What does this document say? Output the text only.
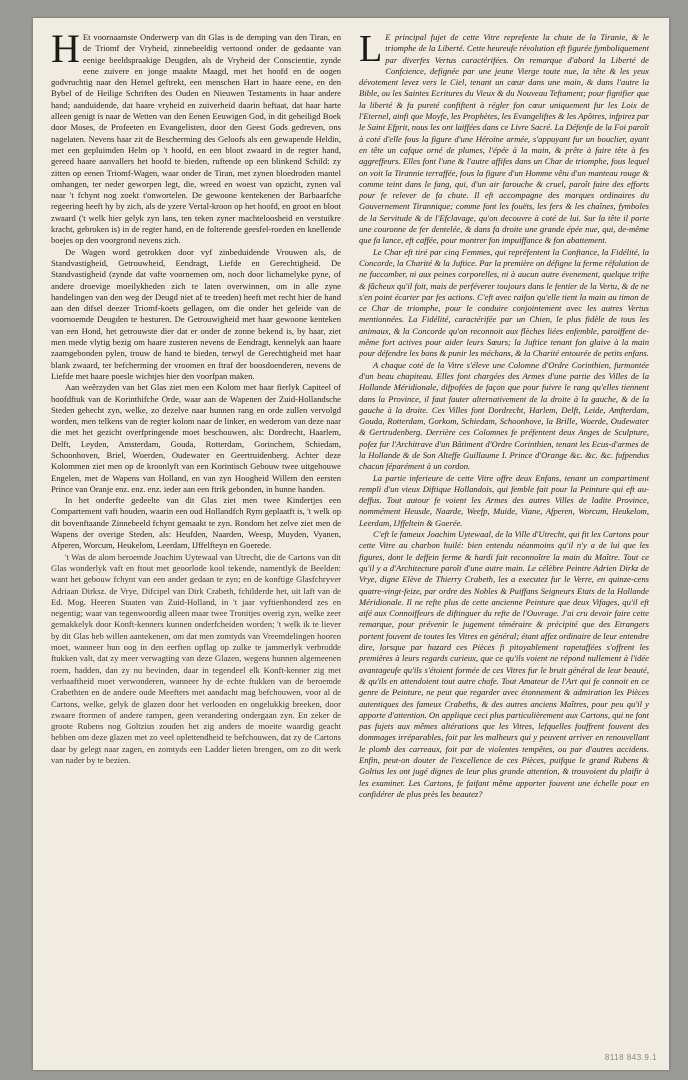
H Et voornaamste Onderwerp van dit Glas is de demping van den Tiran, en de Triomf der Vryheid, zinnebeeldig vertoond onder de gedaante van eenige beeldspraakige Deugden, als de Vryheid der Conscientie, zynde eene zuivere en jonge maakte Maagd, met het hoofd en de oogen godvruchtig naar den Hemel geftrekt, een menschen Hart in haare eene, en den Bybel of de Heilige Schriften des Ouden en Nieuwen Testaments in haar andere hand; aanduidende, dat haare vryheid en zuiverheid daarin beftaat, dat haar harte alleen genigt is naar de Wetten van den Eenen Eeuwigen God, in dit geheiligd Boek door Moses, de Profeeten en Evangelisten, door den Geest Gods gedreven, ons nagelaten. Nevens haar zit de Bescherming des Geloofs als een gewapende Heldin, met een gepluimden Helm op 't hoofd, en een bloot zwaard in de regter hand, gereed haare aanvallers het hoofd te bieden, ruftende op een blinkend Schild: zy zitten op eenen Triomf-Wagen, waar onder de Tiran, met zynen bloedroden mantel omhangen, ter neder geworpen legt, die, wreed en woest van opzicht, zynen val naar 't fchynt nog zoekt t'onwortelen. De gewoone kentekenen der Barbaarfche regeering heeft hy by zich, als de yzere Vertal-kroon op het hoofd, en groot en bloot zwaard ('t welk hier gelyk zyn lans, ten teken zyner machteloosheid en verstuikre kracht, gebroken is) in de regter hand, en de folterende geesfel-roeden en knellende boejes op den voorgrond nevens zich.

De Wagen word getrokken door vyf zinbeduidende Vrouwen als, de Standvastigheid, Getrouwheid, Eendragt, Liefde en Gerechtigheid. De Standvastigheid (zynde dat vafte voornemen om, noch door lichamelyke pyne, of andere droevige moeilykheden zich te laten overwinnen, om in alle zyne handelingen van den weg der Deugd niet af te treeden) heeft met recht hier de hand aan den difsel deezer Triomf-koets gellagen, om die onder het geleide van de voornoemde Deugden te besturen. De Getrouwigheid met haar gewoone kenteken van een Hond, het getrouwste dier dat er onder de zonne bekend is, by haar, ziet men mede vlytig bezig om haare zusteren nevens de Eendragt, kennelyk aan haare zaamgebonden pylen, trouw de hand te bieden, terwyl de Gerechtigheid met haar blank zwaard, ter befcherming der vroomen en ftraf der boosdoenderen, nevens de Liefde met haare poesle wichtjes hier den voorfpan maken.

Aan weêrzyden van het Glas ziet men een Kolom met haar fierlyk Capiteel of hoofdftuk van de Korinthifche Orde, waar aan de Wapenen der Zuid-Hollandsche Steden gehecht zyn, welke, zo dezelve naar hunnen rang en orde zullen vervolgd worden, men telkens van de regter kolom naar de linker, en wederom van deze naar die met het gezicht overfpringende moet beschouwen, als: Dordrecht, Haarlem, Delft, Leyden, Amsterdam, Gouda, Rotterdam, Gorinchem, Schiedam, Schoonhoven, Briel, Woerden, Oudewater en Geertruidenberg. Achter deze Kolommen ziet men op de kroonlyft van een Korintisch Gebouw twee uitgehouwe Engelen, met de Wapens van Holland, en van zyn Hoogheid Willem den eersten Prince van Oranje enz. enz. enz. ieder aan een ftrik gebonden, in hunne handen.

In het onderfte gedeelte van dit Glas ziet men twee Kindertjes een Compartement vaft houden, waarin een oud Hollandfch Rym geplaatft is, 't welk op dit bovenftaande Zinnebeeld fchynt gemaakt te zyn. Rondom het zelve ziet men de Wapens der overige Steden, als: Heufden, Naarden, Weesp, Muyden, Vyanen, Afperen, Worcum, Heukelom, Leerdam, IJffelfteyn en Goerede.

't Was de alom beroemde Joachim Uytewaal van Utrecht, die de Cartons van dit Glas wonderlyk vaft en ftout met geoorlode kool tekende, namentlyk de Beelden: want het gebouw fchynt van een ander gedaan te zyn; en de konftige Glasfchryver Adriaan Dirksz. de Vrye, Difcipel van Dirk Crabeth, fchilderde het, uit laft van de Ed. Mog. Heeren Staaten van Zuid-Holland, in 't jaar vyftienhonderd zes en negentig; waar van tegenwoordig alleen maar twee Tronitjes overig zyn, welke zeer gemakkelyk door Konft-kenners kunnen onderfcheiden worden; 't welk ik te liever by dit Glas heb willen aantekenen, om dat men zomtyds van Vreemdelingen hooren moet, wanneer hun oog in den eerften opflag op zulke te jammerlyk verbrodde ftukken valt, dat zy meer verwagting van deze Glazen, wegens hunnen algemeenen roem, hadden, dan zy nu bevinden, daar in tegendeel elk Konft-kenner zig met verbaaftheid moet verwonderen, wanneer hy de echte ftukken van de beroemde Crabethten en de andere oude Meefters met aandacht mag befchouwen, voor al de Cartons, welke, gelyk de glazen door het verlooden en ongelukkig breeken, door zwaare ftormen of andere rampen, geen verandering ondergaan zyn. En zeker de groote Rubens nog Goltzius zouden het zig anders de moeite waardig geacht hebben om deze glazen met zo veel oplettendheid te befchouwen, dat zy de Cartons daar by gelegt naar zagen, en zomtyds een Ladder lieten brengen, om zo dit werk van nader by te bezien.

L E principal fujet de cette Vitre reprefente la chute de la Tiranie, & le triomphe de la Liberté. Cette heureufe révolution eft figurée fymboliquement par diverfes Vertus caractérifées. On remarque d'abord la Liberté de Confcience, defignée par une jeune Vierge toute nue, la tête & les yeux dévotement levez vers le Ciel, tenant un cœur dans une main, & dans l'autre la Bible, ou les Saintes Ecritures du Vieux & du Nouveau Teftament; pour fignifier que la liberté & fa pureté confiftent à régler fon cœur uniquement fur les Loix de l'Eternel, ainfi que Moyfe, les Prophètes, les Evangeliftes & les Apôtres, infpirez par le Saint Efprit, nous les ont laiffées dans ce Livre Sacré. La Défenfe de la Foi paroît à coté d'elle fous la figure d'une Héroïne armée, s'appuyant fur un bouclier, ayant en tête un cafque orné de plumes, l'épée à la main, & prête à faire tête à fes aggreffeurs. Elles font l'une & l'autre affifes dans un Char de triomphe, fous lequel on voit la Tirannie terraffée, fous la figure d'un Homme vêtu d'un manteau rouge & comme teint dans le fang, qui, d'un air farouche & cruel, paroît faire des efforts pour fe relever de fa chute. Il eft accompagne des marques ordinaires du Gouvernement Tirannique; comme font les fouëts, les fers & les chaînes, fymboles de la Servitude & de l'Efclavage, qu'on decouvre à coté de lui. Sur la tête il porte une couronne de fer dentelée, & dans fa droite une grande épée nue, qui, de-même que fa lance, eft caffée, pour montrer fon impuiffance & fon abattement.

Le Char eft tiré par cinq Femmes, qui repréfentent la Conftance, la Fidélité, la Concorde, la Charité & la Juftice. Par la première on défigne la ferme réfolution de ne fuccomber, ni aux peines corporelles, ni à aucun autre évenement, quelque trifte & fâcheux qu'il foit, mais de perféverer toujours dans le fentier de la Vertu, & de ne s'en point écarter par fes actions. C'eft avec raifon qu'elle tient la main au timon de ce Char de triomphe, pour le conduire conjointement avec les autres Vertus mentionnées. La Fidélité, caractérifée par un Chien, le plus fidèle de tous les animaux, & la Concorde qu'on reconnoit aux flèches liées enfemble, paroiffent de-même fort actives pour aider leurs Sœurs; la Juftice tenant fon glaive à la main pour défendre les bons & punir les méchans, & la Charité entourée de petits enfans.

A chaque coté de la Vitre s'éleve une Colomne d'Ordre Corinthien, furmontée d'un beau chapiteau. Elles font chargées des Armes d'une partie des Villes de la Hollande Méridionale, difpofées de façon que pour fuivre le rang qu'elles tiennent dans la Province, il faut fauter alternativement de la droite à la gauche, & de la gauche à la droite. Ces Villes font Dordrecht, Harlem, Delft, Leide, Amfterdam, Gouda, Rotterdam, Gorkom, Schiedam, Schoonhove, la Brille, Woerde, Oudewater & Gertrudenberg. Derrière ces Colomnes fe préfentent deux Anges de Sculpture, pofez fur l'Architrave d'un Bâtiment d'Ordre Corinthien, tenant les Ecus-d'armes de la Hollande & de Son Alteffe Guillaume I. Prince d'Orange &c. &c. &c. fufpendus chacun féparément à un cordon.

La partie inferieure de cette Vitre offre deux Enfans, tenant un compartiment rempli d'un vieux Diftique Hollandois, qui femble fait pour la Peinture qui eft au-deffus. Tout autour fe voient les Armes des autres Villes de ladite Province, nommément Heusde, Naarde, Weefp, Muide, Viane, Afperen, Worcum, Heukelom, Leerdam, IJffeltein & Goerée.

C'eft le fameux Joachim Uytewaal, de la Ville d'Utrecht, qui fit les Cartons pour cette Vitre au charbon huilé: bien entendu néanmoins qu'il n'y a de lui que les figures, dont le deffein ferme & hardi fait reconnoître la main du Maître. Tout ce qu'il y a d'Architecture paroît d'une autre main. Le célèbre Peintre Adrien Dirkz de Vrye, digne Elève de Thierry Crabeth, les a executez fur le Verre, en quinze-cens quatre-vingt-feize, par ordre des Nobles & Puiffans Seigneurs Etats de la Hollande Méridionale. Il ne refte plus de cette ancienne Peinture que deux Vifages, qu'il eft aifé aux Connoiffeurs de diftinguer du refte de l'Ouvrage. J'ai cru devoir faire cette remarque, pour prévenir le jugement téméraire & précipité que des Etrangers portent fouvent de toutes les Vitres en général; étant affez ordinaire de leur entendre dire, lorsque par hazard ces Pièces fi pitoyablement rapetaffées s'offrent les premières à leurs regards curieux, que ce qu'ils voient ne répond nullement à l'idée avantageufe qu'ils s'étoient formée de ces Vitres fur le bruit général de leur beauté, & qu'ils en attendoient tout autre chofe. Tout Amateur de l'Art qui fe connoit en ce genre de Peinture, ne peut que regarder avec étonnement & admiration les Pièces autentiques des fameux Crabeths, & des autres anciens Maîtres, pour peu qu'il y apporte d'attention. On applique ceci plus particulièrement aux Cartons, qui ne font pas fujets aux mêmes altérations que les Vitres, lefquelles fouffrent fouvent des dommages irréparables, foit par les malheurs qui y peuvent arriver en renouvellant le plomb des carreaux, foit par de violentes tempêtes, ou par d'autres accidens. Enfin, peut-on douter de l'excellence de ces Pièces, puifque le grand Rubens & Goltius les ont jugé dignes de leur plus grande attention, & trouvoient du plaifir à les examiner. Les Cartons, fe faifant même apporter fouvent une échelle pour en confidérer de plus près les beautez?

8118 843.9.1
